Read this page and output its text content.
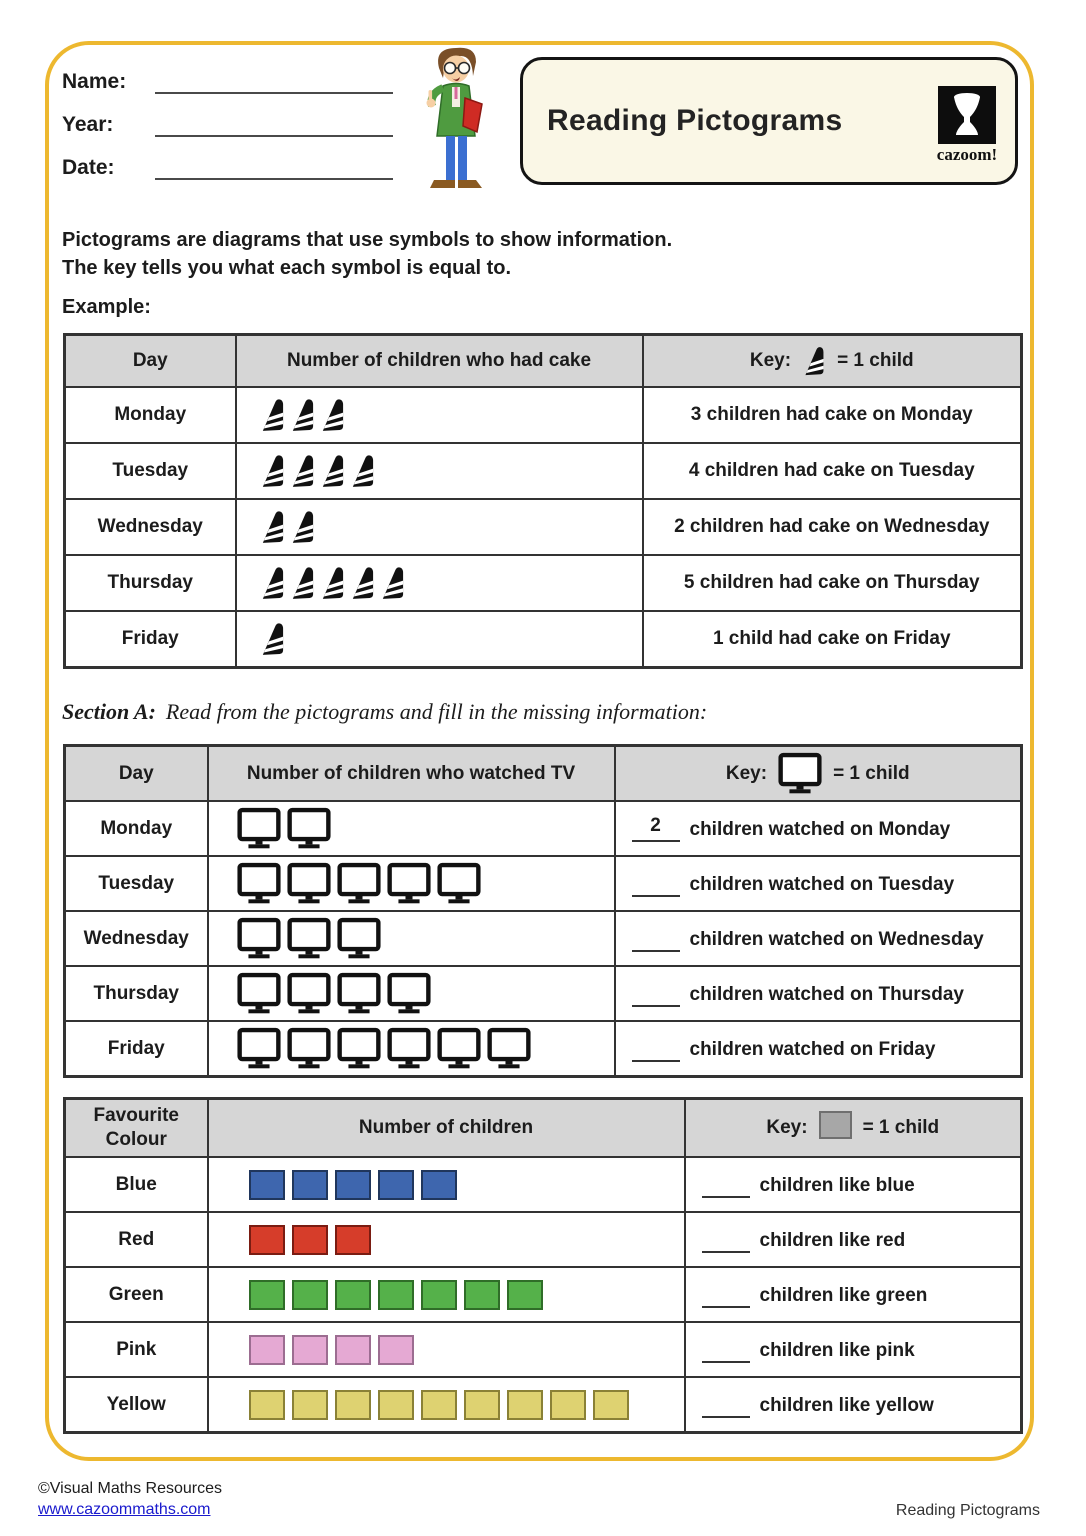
Name:
Year:
Date:
Reading Pictograms
cazoom!
Pictograms are diagrams that use symbols to show information.
The key tells you what each symbol is equal to.
Example:
Day	Number of children who had cake	Key: = 1 child

Monday		3 children had cake on Monday

Tuesday		4 children had cake on Tuesday

Wednesday		2 children had cake on Wednesday

Thursday		5 children had cake on Thursday

Friday		1 child had cake on Friday
Section A: Read from the pictograms and fill in the missing information:
Day	Number of children who watched TV	Key: = 1 child

Monday		2 children watched on Monday

Tuesday		children watched on Tuesday

Wednesday		children watched on Wednesday

Thursday		children watched on Thursday

Friday		children watched on Friday
Favourite Colour	Number of children	Key: = 1 child

Blue		children like blue

Red		children like red

Green		children like green

Pink		children like pink

Yellow		children like yellow
©Visual Maths Resources
www.cazoommaths.com	Reading Pictograms
